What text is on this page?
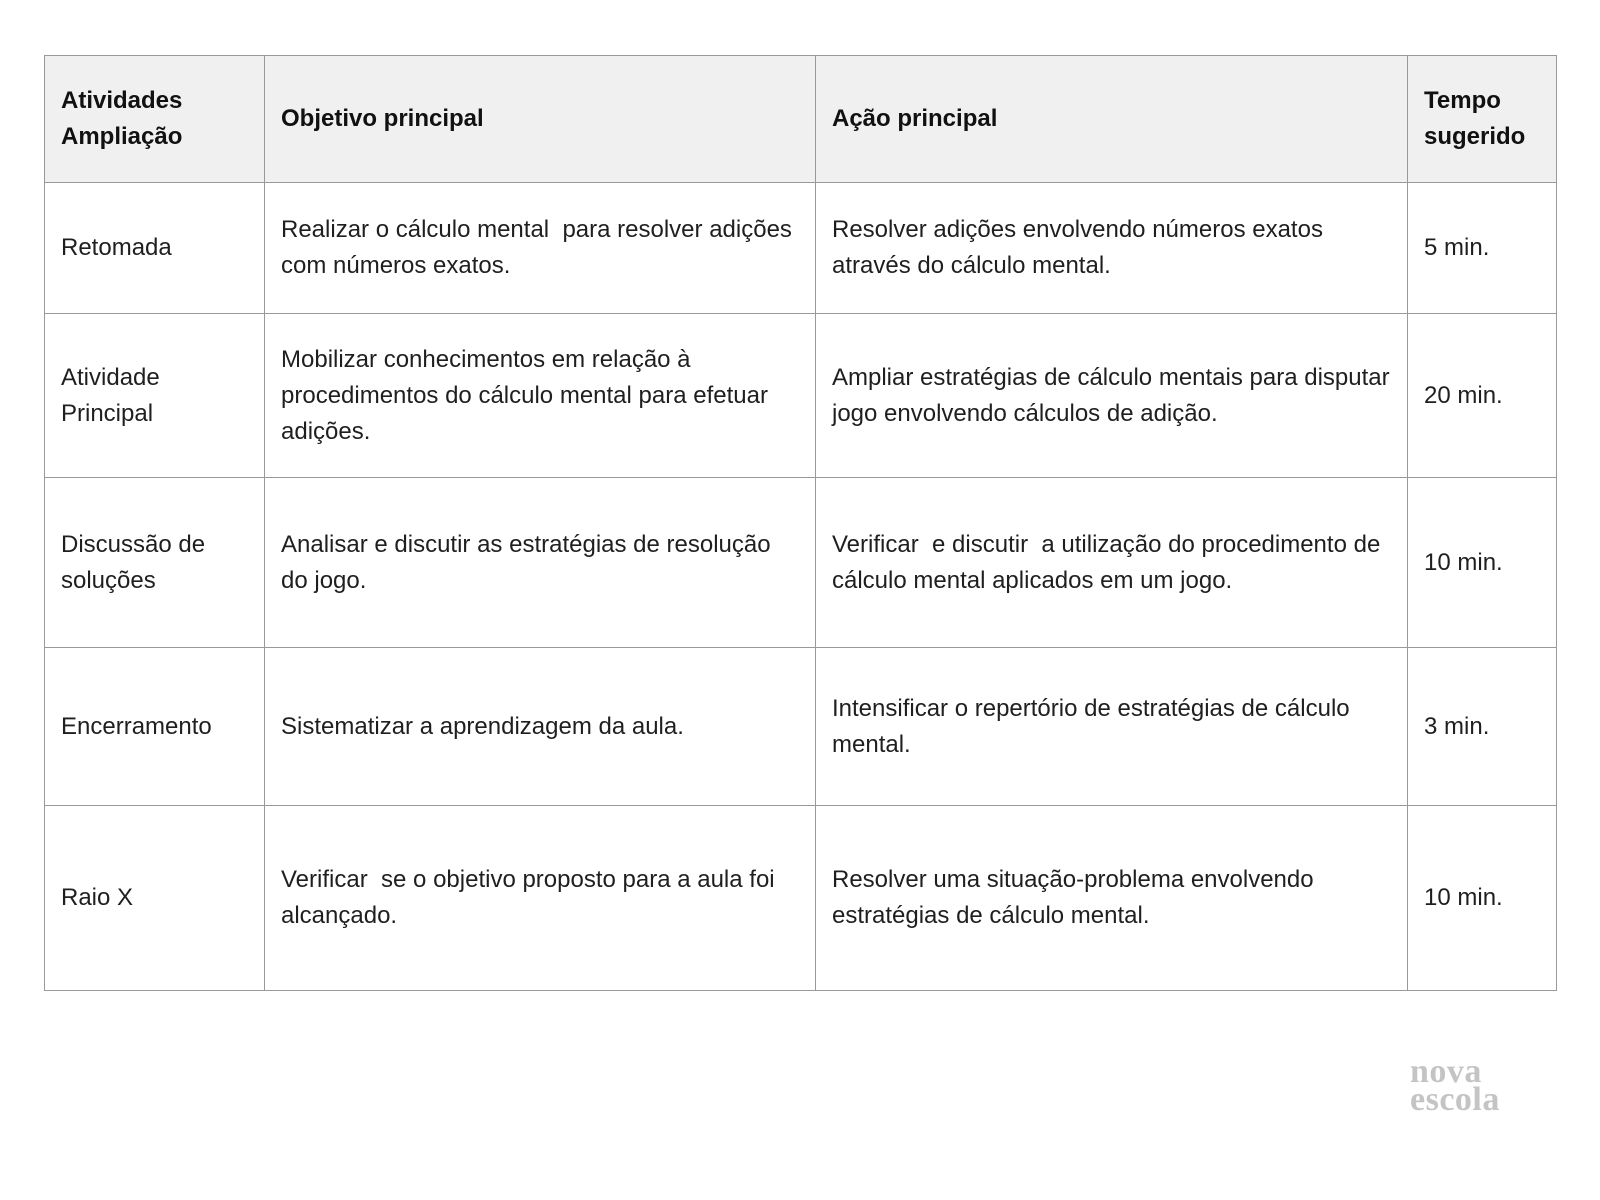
Atividades Ampliação	Objetivo principal	Ação principal	Tempo sugerido
Retomada	Realizar o cálculo mental  para resolver adições com números exatos.	Resolver adições envolvendo números exatos através do cálculo mental.	5 min.
Atividade Principal	Mobilizar conhecimentos em relação à procedimentos do cálculo mental para efetuar adições.	Ampliar estratégias de cálculo mentais para disputar jogo envolvendo cálculos de adição.	20 min.
Discussão de soluções	Analisar e discutir as estratégias de resolução do jogo.	Verificar  e discutir  a utilização do procedimento de  cálculo mental aplicados em um jogo.	10 min.
Encerramento	Sistematizar a aprendizagem da aula.	Intensificar o repertório de estratégias de cálculo mental.	3 min.
Raio X	Verificar  se o objetivo proposto para a aula foi alcançado.	Resolver uma situação-problema envolvendo estratégias de cálculo mental.	10 min.
nova
escola
